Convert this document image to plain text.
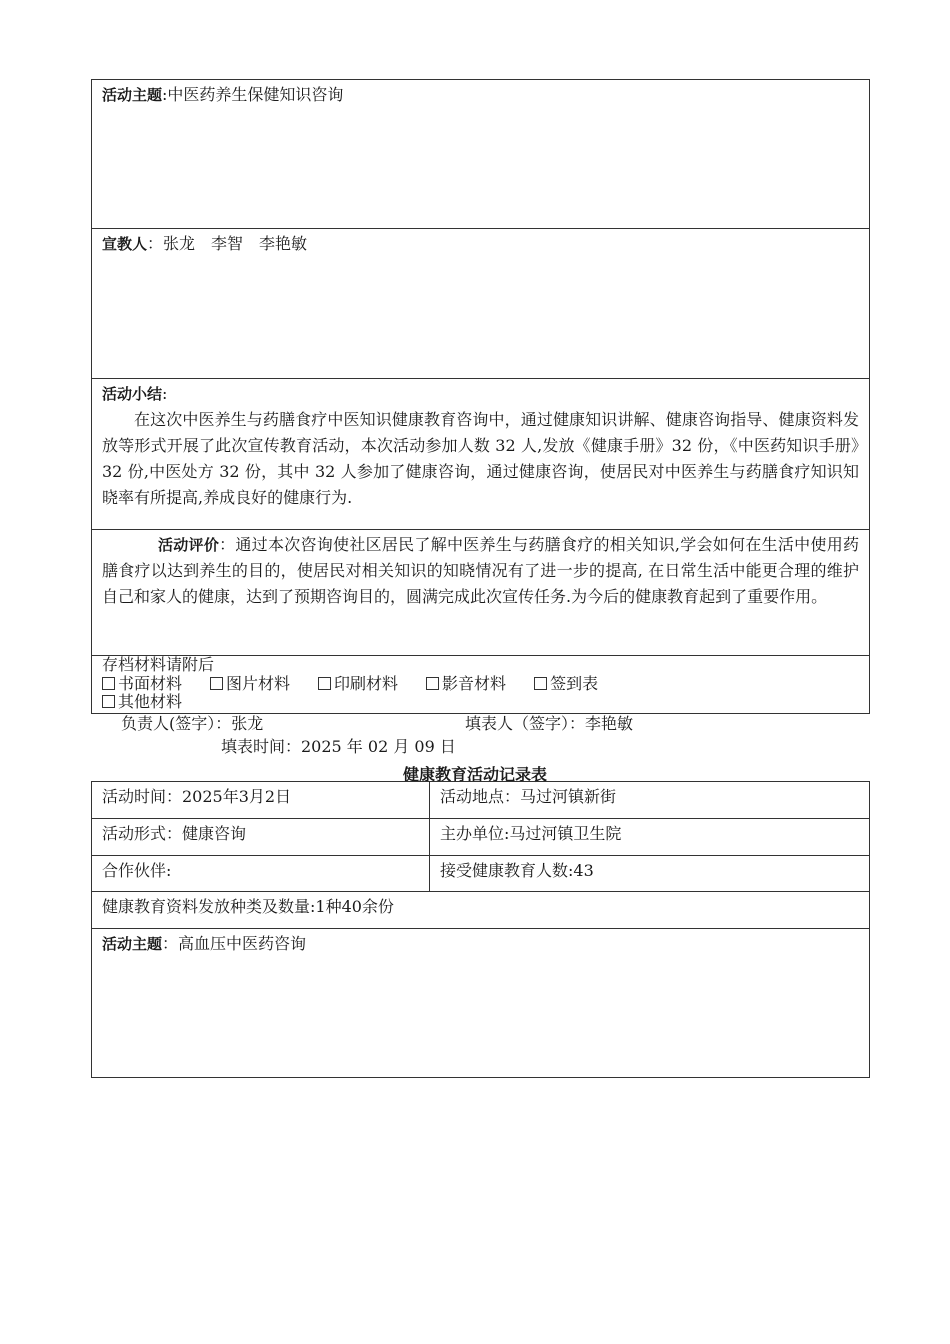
活动主题:中医药养生保健知识咨询
宣教人：张龙　李智　李艳敏
活动小结:
在这次中医养生与药膳食疗中医知识健康教育咨询中，通过健康知识讲解、健康咨询指导、健康资料发放等形式开展了此次宣传教育活动，本次活动参加人数 32 人,发放《健康手册》32 份，《中医药知识手册》32 份,中医处方 32 份，其中 32 人参加了健康咨询，通过健康咨询，使居民对中医养生与药膳食疗知识知晓率有所提高,养成良好的健康行为.
活动评价：通过本次咨询使社区居民了解中医养生与药膳食疗的相关知识,学会如何在生活中使用药膳食疗以达到养生的目的，使居民对相关知识的知晓情况有了进一步的提高, 在日常生活中能更合理的维护自己和家人的健康，达到了预期咨询目的，圆满完成此次宣传任务.为今后的健康教育起到了重要作用。
存档材料请附后
书面材料	图片材料	印刷材料	影音材料	签到表
其他材料
负责人(签字）：张龙	填表人（签字）：李艳敏
填表时间：2025 年 02 月 09 日
健康教育活动记录表
活动时间：2025年3月2日	活动地点：马过河镇新街
活动形式：健康咨询	主办单位:马过河镇卫生院
合作伙伴:	接受健康教育人数:43
健康教育资料发放种类及数量:1种40余份
活动主题：高血压中医药咨询
